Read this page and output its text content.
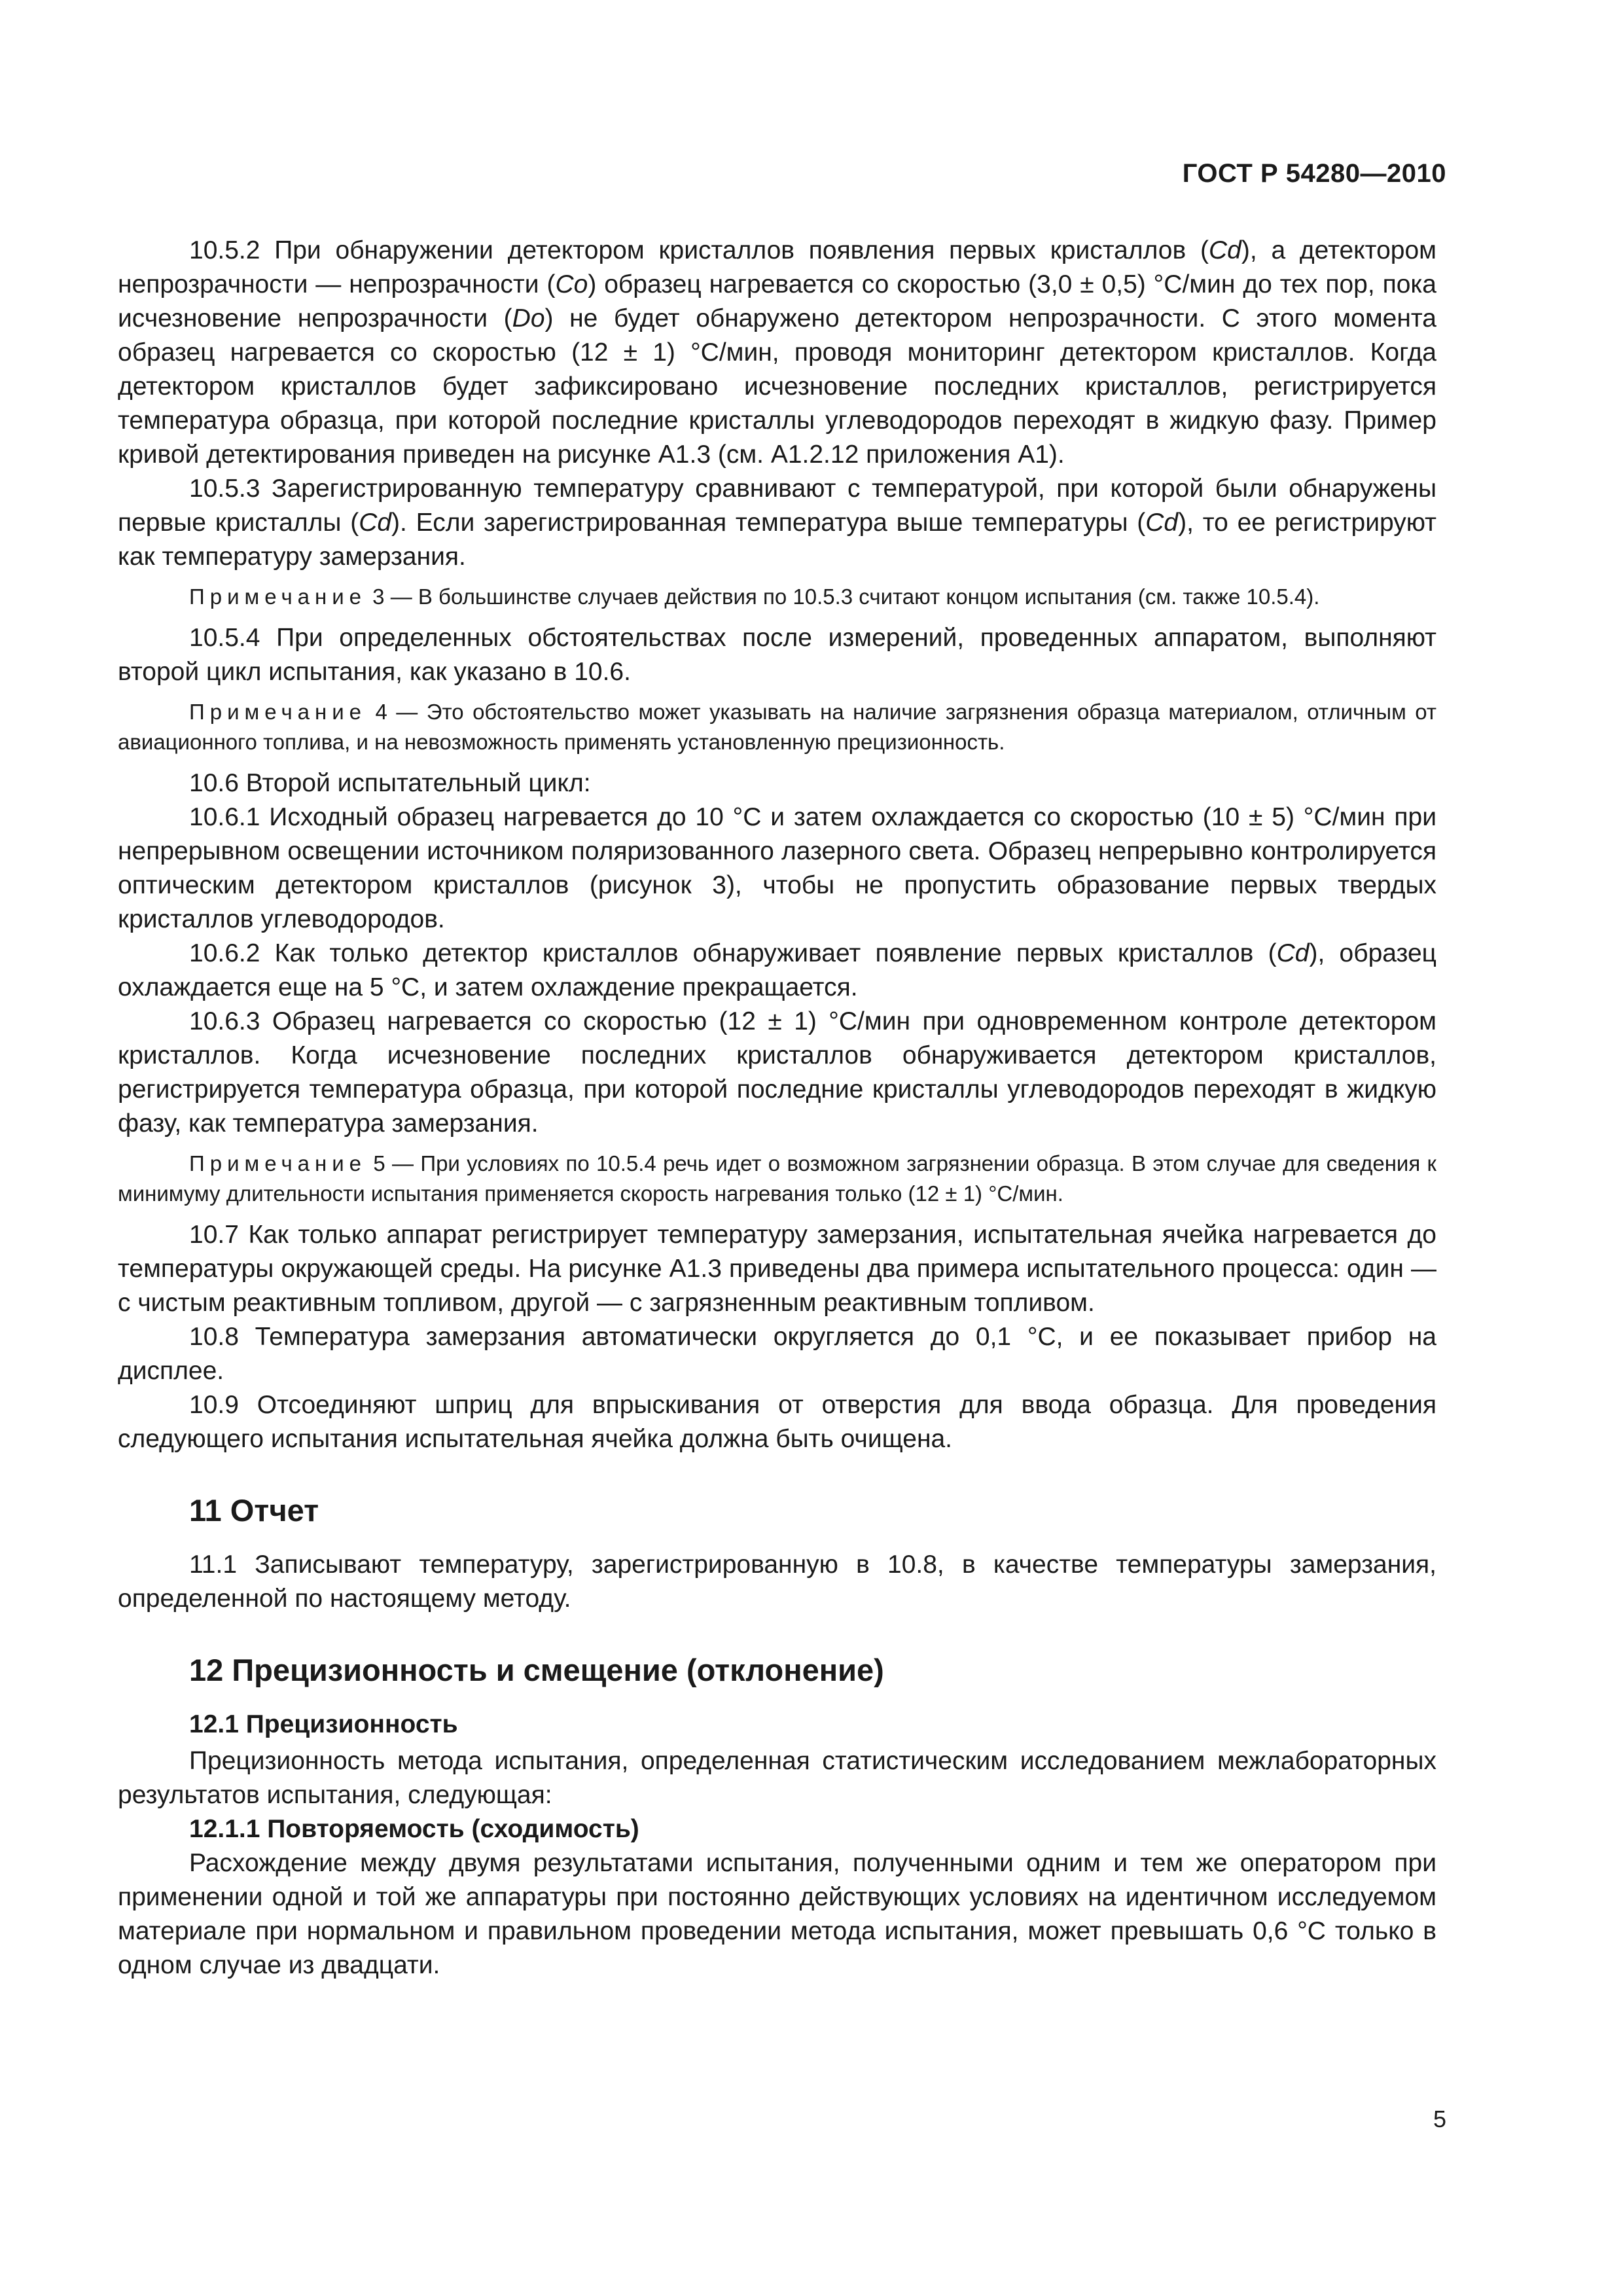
ГОСТ Р 54280—2010

10.5.2 При обнаружении детектором кристаллов появления первых кристаллов (Cd), а детектором непрозрачности — непрозрачности (Co) образец нагревается со скоростью (3,0 ± 0,5) °С/мин до тех пор, пока исчезновение непрозрачности (Do) не будет обнаружено детектором непрозрачности. С этого момента образец нагревается со скоростью (12 ± 1) °С/мин, проводя мониторинг детектором кристаллов. Когда детектором кристаллов будет зафиксировано исчезновение последних кристаллов, регистрируется температура образца, при которой последние кристаллы углеводородов переходят в жидкую фазу. Пример кривой детектирования приведен на рисунке А1.3 (см. А1.2.12 приложения А1).

10.5.3 Зарегистрированную температуру сравнивают с температурой, при которой были обнаружены первые кристаллы (Cd). Если зарегистрированная температура выше температуры (Cd), то ее регистрируют как температуру замерзания.

Примечание 3 — В большинстве случаев действия по 10.5.3 считают концом испытания (см. также 10.5.4).

10.5.4 При определенных обстоятельствах после измерений, проведенных аппаратом, выполняют второй цикл испытания, как указано в 10.6.

Примечание 4 — Это обстоятельство может указывать на наличие загрязнения образца материалом, отличным от авиационного топлива, и на невозможность применять установленную прецизионность.

10.6 Второй испытательный цикл:

10.6.1 Исходный образец нагревается до 10 °С и затем охлаждается со скоростью (10 ± 5) °С/мин при непрерывном освещении источником поляризованного лазерного света. Образец непрерывно контролируется оптическим детектором кристаллов (рисунок 3), чтобы не пропустить образование первых твердых кристаллов углеводородов.

10.6.2 Как только детектор кристаллов обнаруживает появление первых кристаллов (Cd), образец охлаждается еще на 5 °С, и затем охлаждение прекращается.

10.6.3 Образец нагревается со скоростью (12 ± 1) °С/мин при одновременном контроле детектором кристаллов. Когда исчезновение последних кристаллов обнаруживается детектором кристаллов, регистрируется температура образца, при которой последние кристаллы углеводородов переходят в жидкую фазу, как температура замерзания.

Примечание 5 — При условиях по 10.5.4 речь идет о возможном загрязнении образца. В этом случае для сведения к минимуму длительности испытания применяется скорость нагревания только (12 ± 1) °С/мин.

10.7 Как только аппарат регистрирует температуру замерзания, испытательная ячейка нагревается до температуры окружающей среды. На рисунке А1.3 приведены два примера испытательного процесса: один — с чистым реактивным топливом, другой — с загрязненным реактивным топливом.

10.8 Температура замерзания автоматически округляется до 0,1 °С, и ее показывает прибор на дисплее.

10.9 Отсоединяют шприц для впрыскивания от отверстия для ввода образца. Для проведения следующего испытания испытательная ячейка должна быть очищена.

11 Отчет

11.1 Записывают температуру, зарегистрированную в 10.8, в качестве температуры замерзания, определенной по настоящему методу.

12 Прецизионность и смещение (отклонение)
12.1 Прецизионность

Прецизионность метода испытания, определенная статистическим исследованием межлабораторных результатов испытания, следующая:

12.1.1 Повторяемость (сходимость)

Расхождение между двумя результатами испытания, полученными одним и тем же оператором при применении одной и той же аппаратуры при постоянно действующих условиях на идентичном исследуемом материале при нормальном и правильном проведении метода испытания, может превышать 0,6 °С только в одном случае из двадцати.

5
